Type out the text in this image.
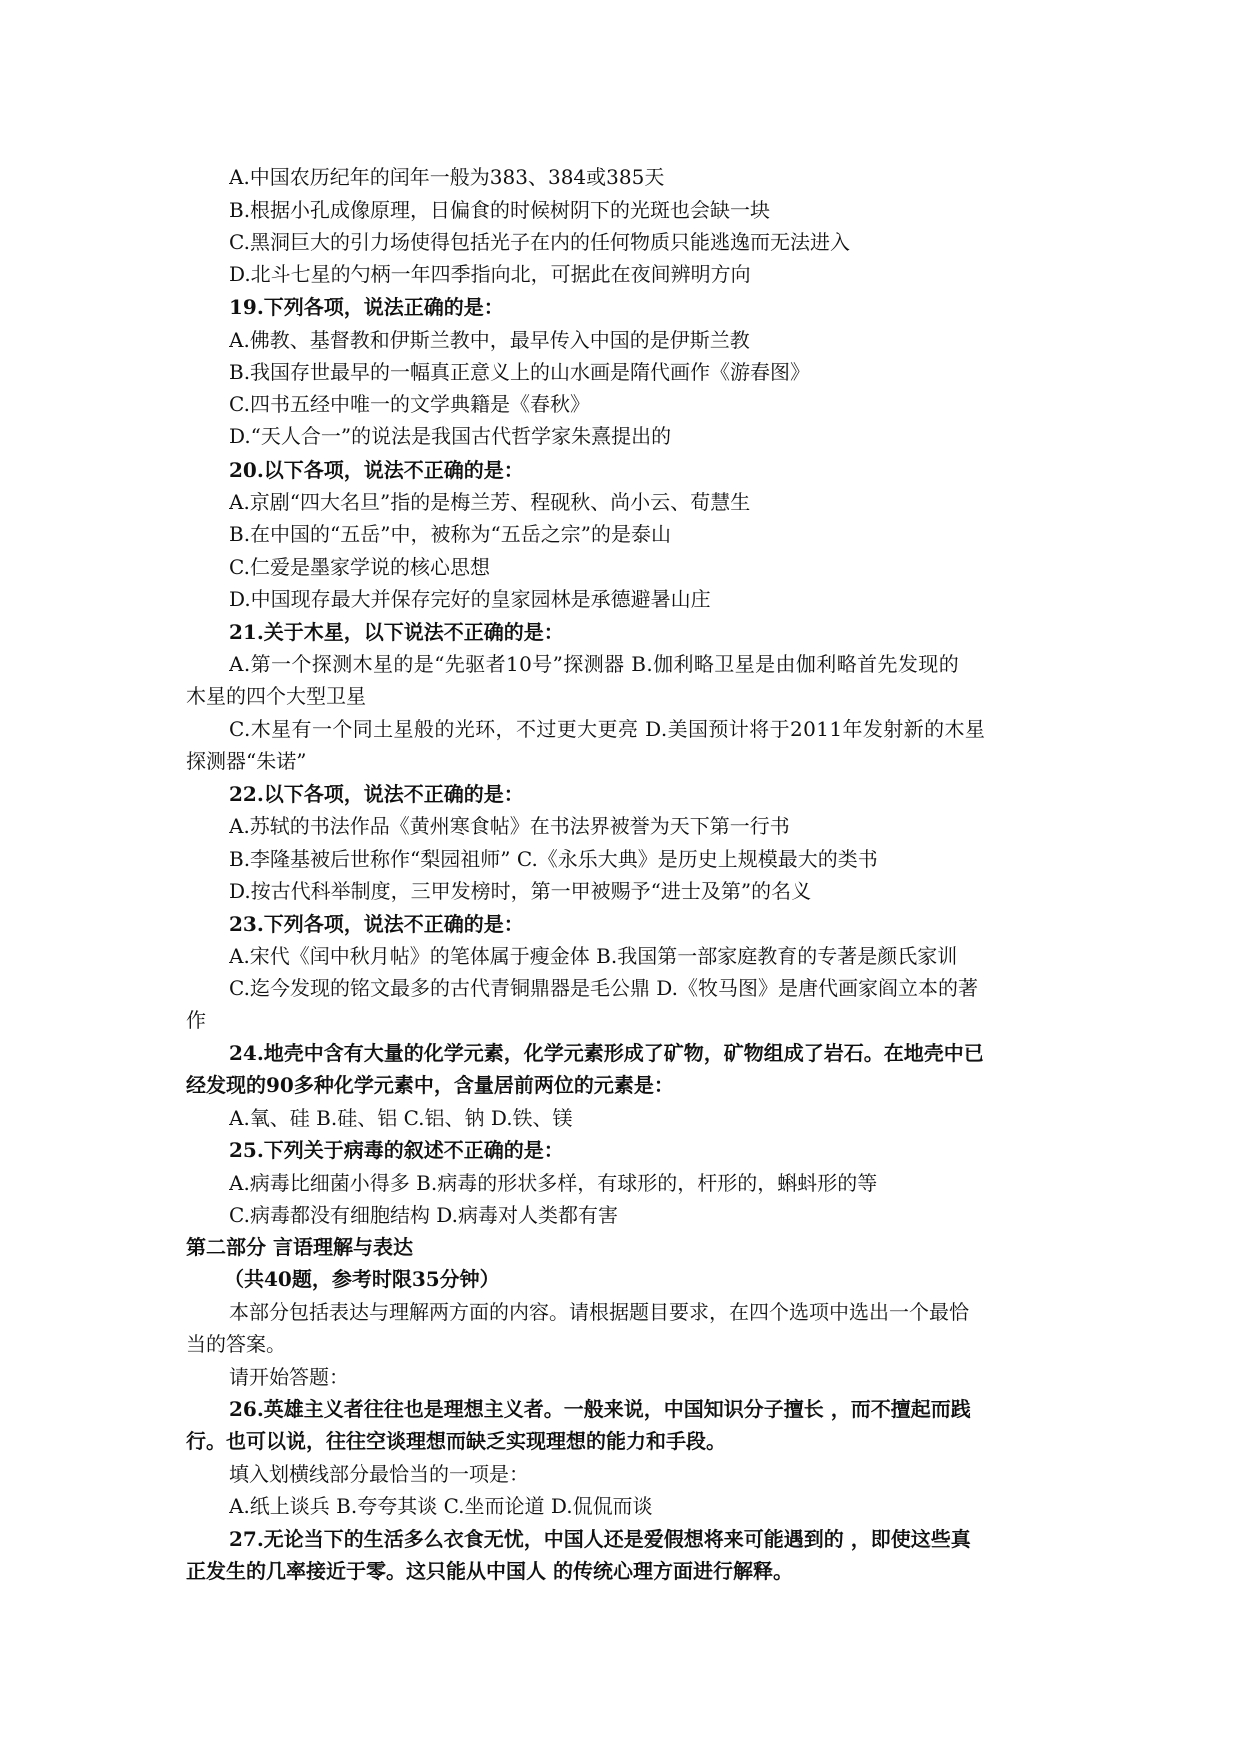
A.中国农历纪年的闰年一般为383、384或385天
B.根据小孔成像原理，日偏食的时候树阴下的光斑也会缺一块
C.黑洞巨大的引力场使得包括光子在内的任何物质只能逃逸而无法进入
D.北斗七星的勺柄一年四季指向北，可据此在夜间辨明方向
19.下列各项，说法正确的是：
A.佛教、基督教和伊斯兰教中，最早传入中国的是伊斯兰教
B.我国存世最早的一幅真正意义上的山水画是隋代画作《游春图》
C.四书五经中唯一的文学典籍是《春秋》
D.“天人合一”的说法是我国古代哲学家朱熹提出的
20.以下各项，说法不正确的是：
A.京剧“四大名旦”指的是梅兰芳、程砚秋、尚小云、荀慧生
B.在中国的“五岳”中，被称为“五岳之宗”的是泰山
C.仁爱是墨家学说的核心思想
D.中国现存最大并保存完好的皇家园林是承德避暑山庄
21.关于木星，以下说法不正确的是：
A.第一个探测木星的是“先驱者10号”探测器 B.伽利略卫星是由伽利略首先发现的
木星的四个大型卫星
C.木星有一个同土星般的光环，不过更大更亮 D.美国预计将于2011年发射新的木星
探测器“朱诺”
22.以下各项，说法不正确的是：
A.苏轼的书法作品《黄州寒食帖》在书法界被誉为天下第一行书
B.李隆基被后世称作“梨园祖师” C.《永乐大典》是历史上规模最大的类书
D.按古代科举制度，三甲发榜时，第一甲被赐予“进士及第”的名义
23.下列各项，说法不正确的是：
A.宋代《闰中秋月帖》的笔体属于瘦金体 B.我国第一部家庭教育的专著是颜氏家训
C.迄今发现的铭文最多的古代青铜鼎器是毛公鼎 D.《牧马图》是唐代画家阎立本的著
作
24.地壳中含有大量的化学元素，化学元素形成了矿物，矿物组成了岩石。在地壳中已
经发现的90多种化学元素中，含量居前两位的元素是：
A.氧、硅 B.硅、铝 C.铝、钠 D.铁、镁
25.下列关于病毒的叙述不正确的是：
A.病毒比细菌小得多 B.病毒的形状多样，有球形的，杆形的，蝌蚪形的等
C.病毒都没有细胞结构 D.病毒对人类都有害
第二部分 言语理解与表达
（共40题，参考时限35分钟）
本部分包括表达与理解两方面的内容。请根据题目要求，在四个选项中选出一个最恰
当的答案。
请开始答题：
26.英雄主义者往往也是理想主义者。一般来说，中国知识分子擅长 ，而不擅起而践
行。也可以说，往往空谈理想而缺乏实现理想的能力和手段。
填入划横线部分最恰当的一项是：
A.纸上谈兵 B.夸夸其谈 C.坐而论道 D.侃侃而谈
27.无论当下的生活多么衣食无忧，中国人还是爱假想将来可能遇到的 ，即使这些真
正发生的几率接近于零。这只能从中国人 的传统心理方面进行解释。
